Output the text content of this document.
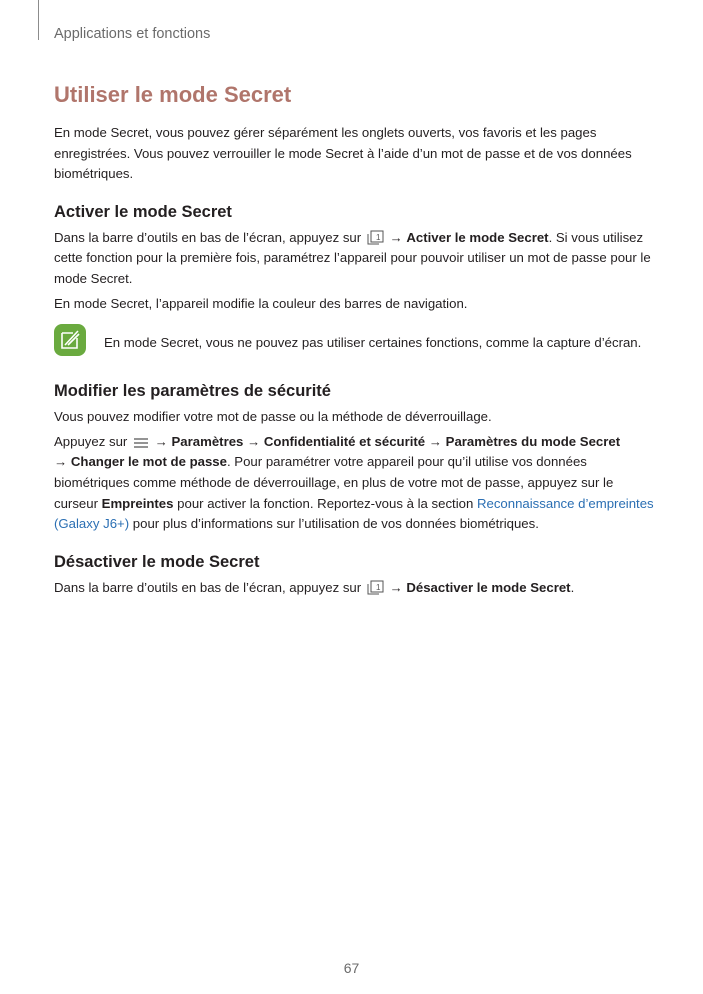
Applications et fonctions
Utiliser le mode Secret

En mode Secret, vous pouvez gérer séparément les onglets ouverts, vos favoris et les pages enregistrées. Vous pouvez verrouiller le mode Secret à l’aide d’un mot de passe et de vos données biométriques.

Activer le mode Secret

Dans la barre d’outils en bas de l’écran, appuyez sur 1 → Activer le mode Secret. Si vous utilisez cette fonction pour la première fois, paramétrez l’appareil pour pouvoir utiliser un mot de passe pour le mode Secret.

En mode Secret, l’appareil modifie la couleur des barres de navigation.

En mode Secret, vous ne pouvez pas utiliser certaines fonctions, comme la capture d’écran.
Modifier les paramètres de sécurité

Vous pouvez modifier votre mot de passe ou la méthode de déverrouillage.

Appuyez sur → Paramètres → Confidentialité et sécurité → Paramètres du mode Secret
→ Changer le mot de passe. Pour paramétrer votre appareil pour qu’il utilise vos données biométriques comme méthode de déverrouillage, en plus de votre mot de passe, appuyez sur le curseur Empreintes pour activer la fonction. Reportez-vous à la section Reconnaissance d’empreintes (Galaxy J6+) pour plus d’informations sur l’utilisation de vos données biométriques.

Désactiver le mode Secret

Dans la barre d’outils en bas de l’écran, appuyez sur 1 → Désactiver le mode Secret.

67
